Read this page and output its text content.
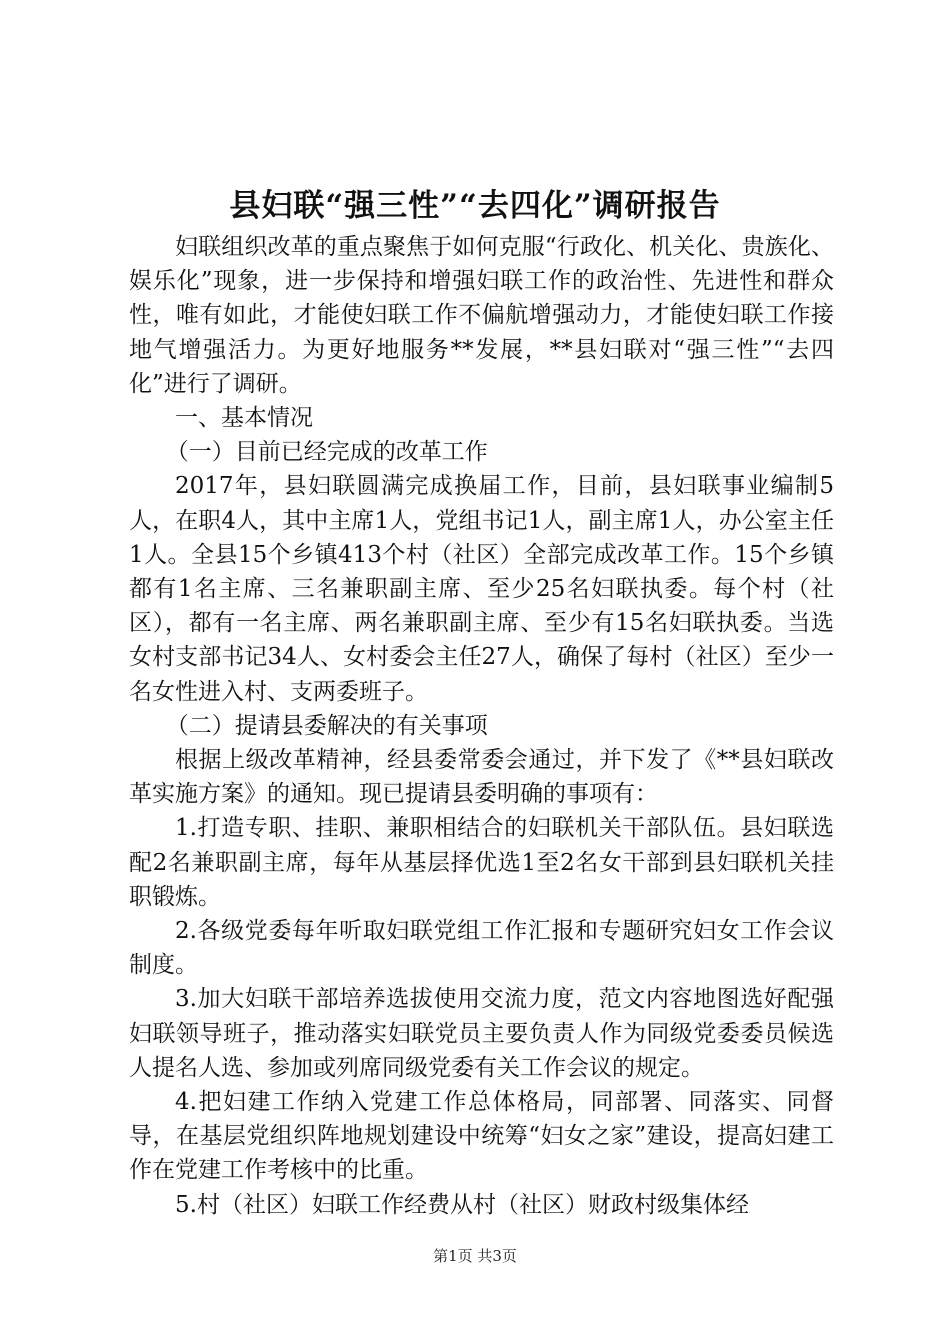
县妇联“强三性”“去四化”调研报告

妇联组织改革的重点聚焦于如何克服“行政化、机关化、贵族化、娱乐化”现象，进一步保持和增强妇联工作的政治性、先进性和群众性，唯有如此，才能使妇联工作不偏航增强动力，才能使妇联工作接地气增强活力。为更好地服务**发展，**县妇联对“强三性”“去四化”进行了调研。

一、基本情况

（一）目前已经完成的改革工作

2017年，县妇联圆满完成换届工作，目前，县妇联事业编制5人，在职4人，其中主席1人，党组书记1人，副主席1人，办公室主任1人。全县15个乡镇413个村（社区）全部完成改革工作。15个乡镇都有1名主席、三名兼职副主席、至少25名妇联执委。每个村（社区），都有一名主席、两名兼职副主席、至少有15名妇联执委。当选女村支部书记34人、女村委会主任27人，确保了每村（社区）至少一名女性进入村、支两委班子。

（二）提请县委解决的有关事项

根据上级改革精神，经县委常委会通过，并下发了《**县妇联改革实施方案》的通知。现已提请县委明确的事项有：

1.打造专职、挂职、兼职相结合的妇联机关干部队伍。县妇联选配2名兼职副主席，每年从基层择优选1至2名女干部到县妇联机关挂职锻炼。

2.各级党委每年听取妇联党组工作汇报和专题研究妇女工作会议制度。

3.加大妇联干部培养选拔使用交流力度，范文内容地图选好配强妇联领导班子，推动落实妇联党员主要负责人作为同级党委委员候选人提名人选、参加或列席同级党委有关工作会议的规定。

4.把妇建工作纳入党建工作总体格局，同部署、同落实、同督导，在基层党组织阵地规划建设中统筹“妇女之家”建设，提高妇建工作在党建工作考核中的比重。

5.村（社区）妇联工作经费从村（社区）财政村级集体经

第1页 共3页
